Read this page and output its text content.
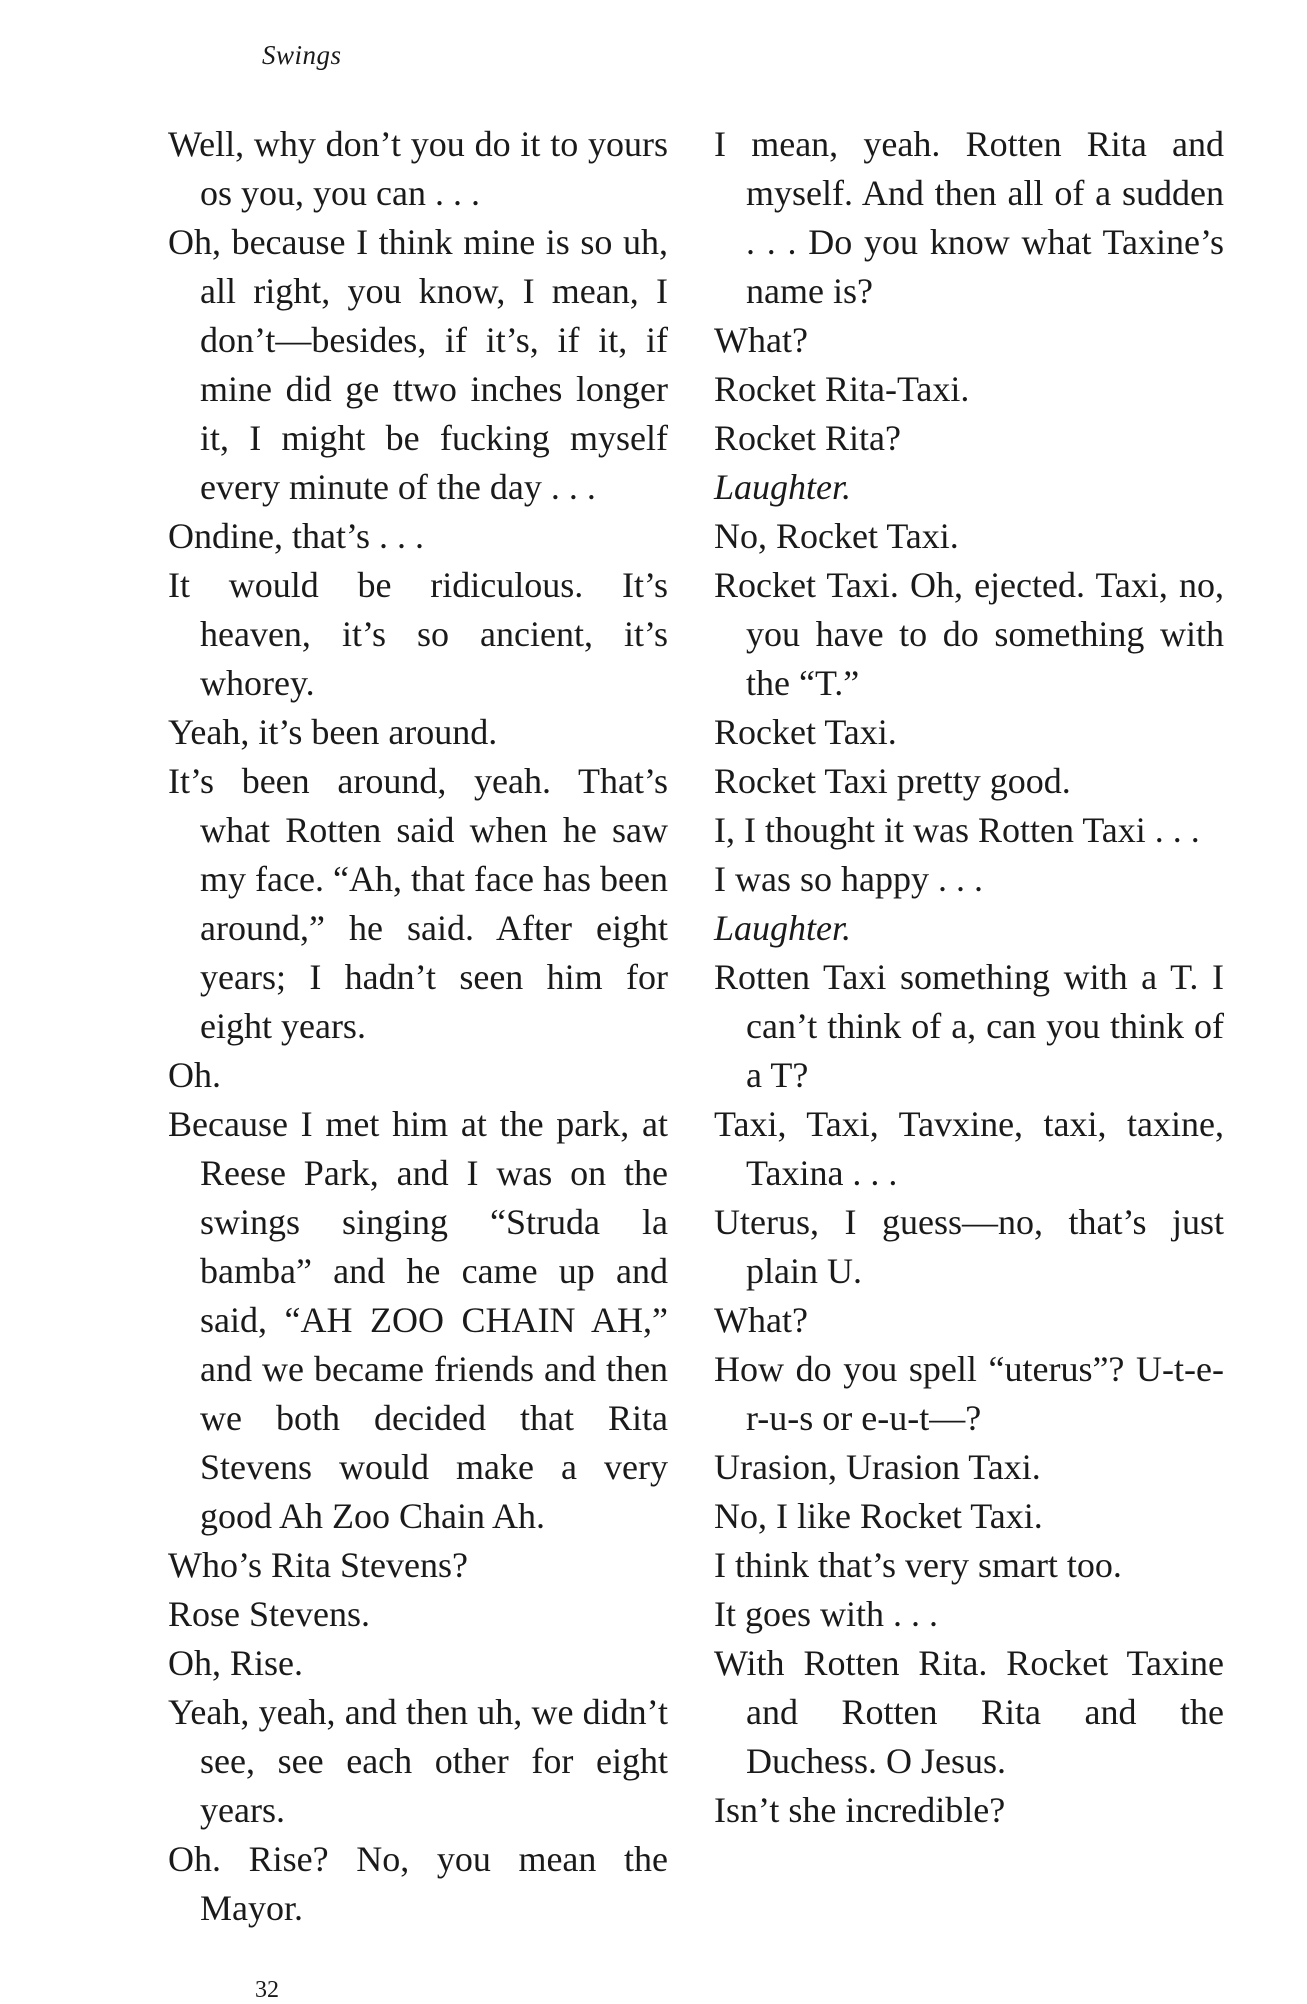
Swings

Well, why don’t you do it to yours os you, you can . . .

Oh, because I think mine is so uh, all right, you know, I mean, I don’t—besides, if it’s, if it, if mine did ge ttwo inches longer it, I might be fucking myself every minute of the day . . .

Ondine, that’s . . .

It would be ridiculous. It’s heaven, it’s so ancient, it’s whorey.

Yeah, it’s been around.

It’s been around, yeah. That’s what Rotten said when he saw my face. “Ah, that face has been around,” he said. After eight years; I hadn’t seen him for eight years.

Oh.

Because I met him at the park, at Reese Park, and I was on the swings singing “Struda la bamba” and he came up and said, “AH ZOO CHAIN AH,” and we became friends and then we both decided that Rita Stevens would make a very good Ah Zoo Chain Ah.

Who’s Rita Stevens?

Rose Stevens.

Oh, Rise.

Yeah, yeah, and then uh, we didn’t see, see each other for eight years.

Oh. Rise? No, you mean the Mayor.

I mean, yeah. Rotten Rita and myself. And then all of a sudden . . . Do you know what Taxine’s name is?

What?

Rocket Rita-Taxi.

Rocket Rita?

Laughter.

No, Rocket Taxi.

Rocket Taxi. Oh, ejected. Taxi, no, you have to do something with the “T.”

Rocket Taxi.

Rocket Taxi pretty good.

I, I thought it was Rotten Taxi . . .

I was so happy . . .

Laughter.

Rotten Taxi something with a T. I can’t think of a, can you think of a T?

Taxi, Taxi, Tavxine, taxi, taxine, Taxina . . .

Uterus, I guess—no, that’s just plain U.

What?

How do you spell “uterus”? U-t-e-r-u-s or e-u-t—?

Urasion, Urasion Taxi.

No, I like Rocket Taxi.

I think that’s very smart too.

It goes with . . .

With Rotten Rita. Rocket Taxine and Rotten Rita and the Duchess. O Jesus.

Isn’t she incredible?

32
